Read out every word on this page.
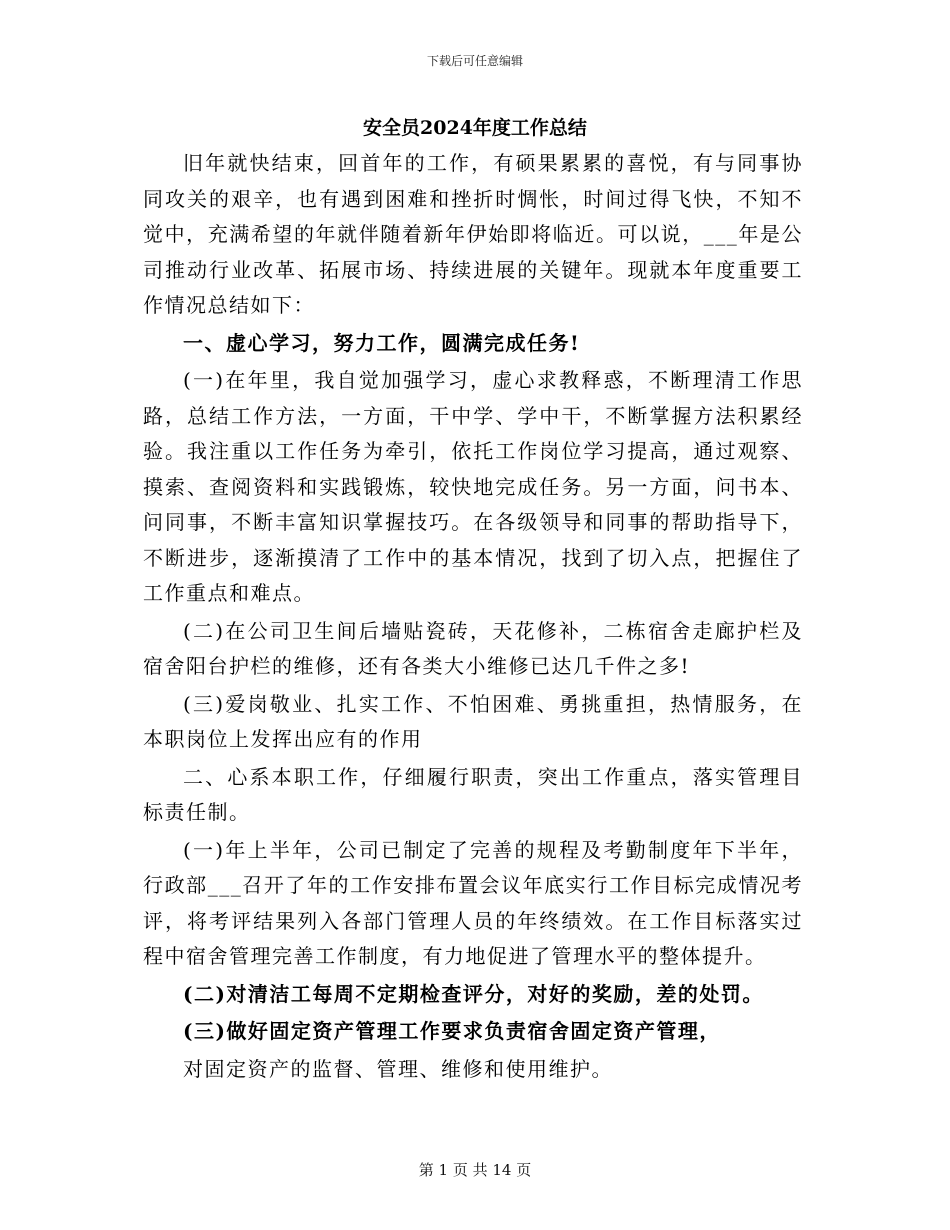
下载后可任意编辑
安全员2024年度工作总结

旧年就快结束，回首年的工作，有硕果累累的喜悦，有与同事协同攻关的艰辛，也有遇到困难和挫折时惆怅，时间过得飞快，不知不觉中，充满希望的年就伴随着新年伊始即将临近。可以说，___年是公司推动行业改革、拓展市场、持续进展的关键年。现就本年度重要工作情况总结如下：

一、虚心学习，努力工作，圆满完成任务!

(一)在年里，我自觉加强学习，虚心求教释惑，不断理清工作思路，总结工作方法，一方面，干中学、学中干，不断掌握方法积累经验。我注重以工作任务为牵引，依托工作岗位学习提高，通过观察、摸索、查阅资料和实践锻炼，较快地完成任务。另一方面，问书本、问同事，不断丰富知识掌握技巧。在各级领导和同事的帮助指导下，不断进步，逐渐摸清了工作中的基本情况，找到了切入点，把握住了工作重点和难点。

(二)在公司卫生间后墙贴瓷砖，天花修补，二栋宿舍走廊护栏及宿舍阳台护栏的维修，还有各类大小维修已达几千件之多!

(三)爱岗敬业、扎实工作、不怕困难、勇挑重担，热情服务，在本职岗位上发挥出应有的作用

二、心系本职工作，仔细履行职责，突出工作重点，落实管理目标责任制。

(一)年上半年，公司已制定了完善的规程及考勤制度年下半年，行政部___召开了年的工作安排布置会议年底实行工作目标完成情况考评，将考评结果列入各部门管理人员的年终绩效。在工作目标落实过程中宿舍管理完善工作制度，有力地促进了管理水平的整体提升。

(二)对清洁工每周不定期检查评分，对好的奖励，差的处罚。

(三)做好固定资产管理工作要求负责宿舍固定资产管理，

对固定资产的监督、管理、维修和使用维护。

第 1 页 共 14 页
